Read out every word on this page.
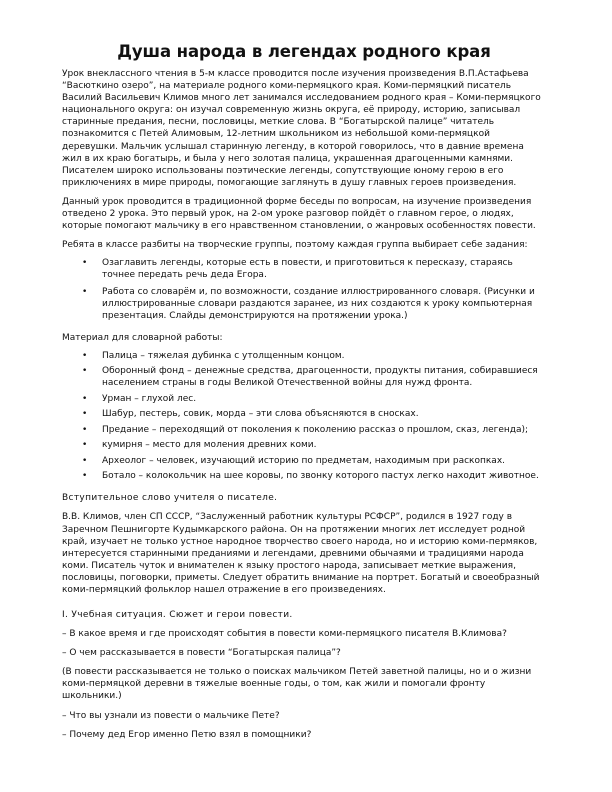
Душа народа в легендах родного края

Урок внеклассного чтения в 5-м классе проводится после изучения произведения В.П.Астафьева “Васюткино озеро”, на материале родного коми-пермяцкого края. Коми-пермяцкий писатель Василий Васильевич Климов много лет занимался исследованием родного края – Коми-пермяцкого национального округа: он изучал современную жизнь округа, её природу, историю, записывал старинные предания, песни, пословицы, меткие слова. В “Богатырской палице” читатель познакомится с Петей Алимовым, 12-летним школьником из небольшой коми-пермяцкой деревушки. Мальчик услышал старинную легенду, в которой говорилось, что в давние времена жил в их краю богатырь, и была у него золотая палица, украшенная драгоценными камнями. Писателем широко использованы поэтические легенды, сопутствующие юному герою в его приключениях в мире природы, помогающие заглянуть в душу главных героев произведения.

Данный урок проводится в традиционной форме беседы по вопросам, на изучение произведения отведено 2 урока. Это первый урок, на 2-ом уроке разговор пойдёт о главном герое, о людях, которые помогают мальчику в его нравственном становлении, о жанровых особенностях повести.

Ребята в классе разбиты на творческие группы, поэтому каждая группа выбирает себе задания:

• Озаглавить легенды, которые есть в повести, и приготовиться к пересказу, стараясь точнее передать речь деда Егора.
• Работа со словарём и, по возможности, создание иллюстрированного словаря. (Рисунки и иллюстрированные словари раздаются заранее, из них создаются к уроку компьютерная презентация. Слайды демонстрируются на протяжении урока.)

Материал для словарной работы:

• Палица – тяжелая дубинка с утолщенным концом.
• Оборонный фонд – денежные средства, драгоценности, продукты питания, собиравшиеся населением страны в годы Великой Отечественной войны для нужд фронта.
• Урман – глухой лес.
• Шабур, пестерь, совик, морда – эти слова объясняются в сносках.
• Предание – переходящий от поколения к поколению рассказ о прошлом, сказ, легенда);
• кумирня – место для моления древних коми.
• Археолог – человек, изучающий историю по предметам, находимым при раскопках.
• Ботало – колокольчик на шее коровы, по звонку которого пастух легко находит животное.

Вступительное слово учителя о писателе.

В.В. Климов, член СП СССР, “Заслуженный работник культуры РСФСР”, родился в 1927 году в Заречном Пешнигорте Кудымкарского района. Он на протяжении многих лет исследует родной край, изучает не только устное народное творчество своего народа, но и историю коми-пермяков, интересуется старинными преданиями и легендами, древними обычаями и традициями народа коми. Писатель чуток и внимателен к языку простого народа, записывает меткие выражения, пословицы, поговорки, приметы. Следует обратить внимание на портрет. Богатый и своеобразный коми-пермяцкий фольклор нашел отражение в его произведениях.

I. Учебная ситуация. Сюжет и герои повести.

– В какое время и где происходят события в повести коми-пермяцкого писателя В.Климова?

– О чем рассказывается в повести “Богатырская палица”?

(В повести рассказывается не только о поисках мальчиком Петей заветной палицы, но и о жизни коми-пермяцкой деревни в тяжелые военные годы, о том, как жили и помогали фронту школьники.)

– Что вы узнали из повести о мальчике Пете?

– Почему дед Егор именно Петю взял в помощники?
